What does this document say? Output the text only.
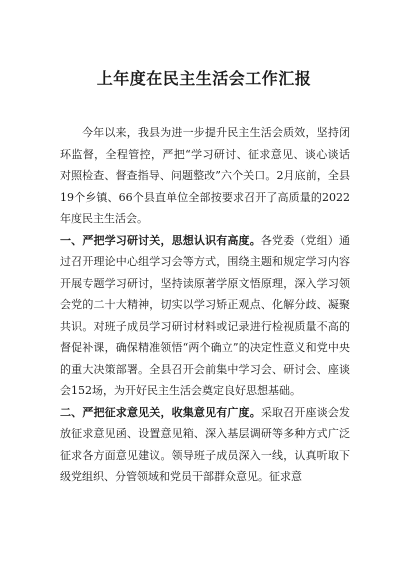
上年度在民主生活会工作汇报

今年以来，我县为进一步提升民主生活会质效，坚持闭环监督，全程管控，严把“学习研讨、征求意见、谈心谈话对照检查、督查指导、问题整改”六个关口。2月底前，全县19个乡镇、66个县直单位全部按要求召开了高质量的2022年度民主生活会。

一、严把学习研讨关，思想认识有高度。各党委（党组）通过召开理论中心组学习会等方式，围绕主题和规定学习内容开展专题学习研讨，坚持读原著学原文悟原理，深入学习领会党的二十大精神，切实以学习矫正观点、化解分歧、凝聚共识。对班子成员学习研讨材料或记录进行检视质量不高的督促补课，确保精准领悟“两个确立”的决定性意义和党中央的重大决策部署。全县召开会前集中学习会、研讨会、座谈会152场，为开好民主生活会奠定良好思想基础。

二、严把征求意见关，收集意见有广度。采取召开座谈会发放征求意见函、设置意见箱、深入基层调研等多种方式广泛征求各方面意见建议。领导班子成员深入一线，认真听取下级党组织、分管领域和党员干部群众意见。征求意
